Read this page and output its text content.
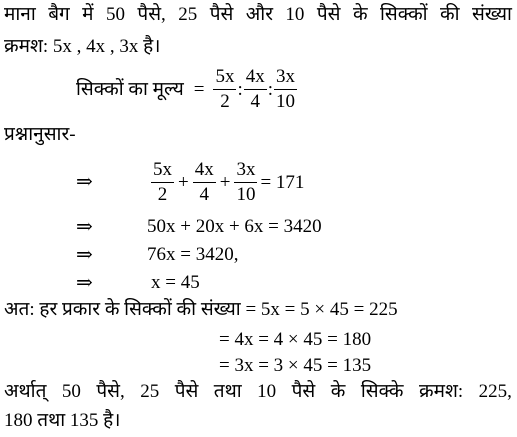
माना बैग में 50 पैसे, 25 पैसे और 10 पैसे के सिक्कों की संख्या
क्रमश: 5x , 4x , 3x है।
सिक्कों का मूल्य = $\frac{5x}{2}$ : $\frac{4x}{4}$ : $\frac{3x}{10}$
प्रश्नानुसार-
⇒	$\frac{5x}{2} + \frac{4x}{4} + \frac{3x}{10} = 171$
⇒	50x + 20x + 6x = 3420
⇒	76x = 3420,
⇒	x = 45
अत: हर प्रकार के सिक्कों की संख्या = 5x = 5 × 45 = 225
= 4x = 4 × 45 = 180
= 3x = 3 × 45 = 135
अर्थात् 50 पैसे, 25 पैसे तथा 10 पैसे के सिक्के क्रमश: 225,
180 तथा 135 है।
